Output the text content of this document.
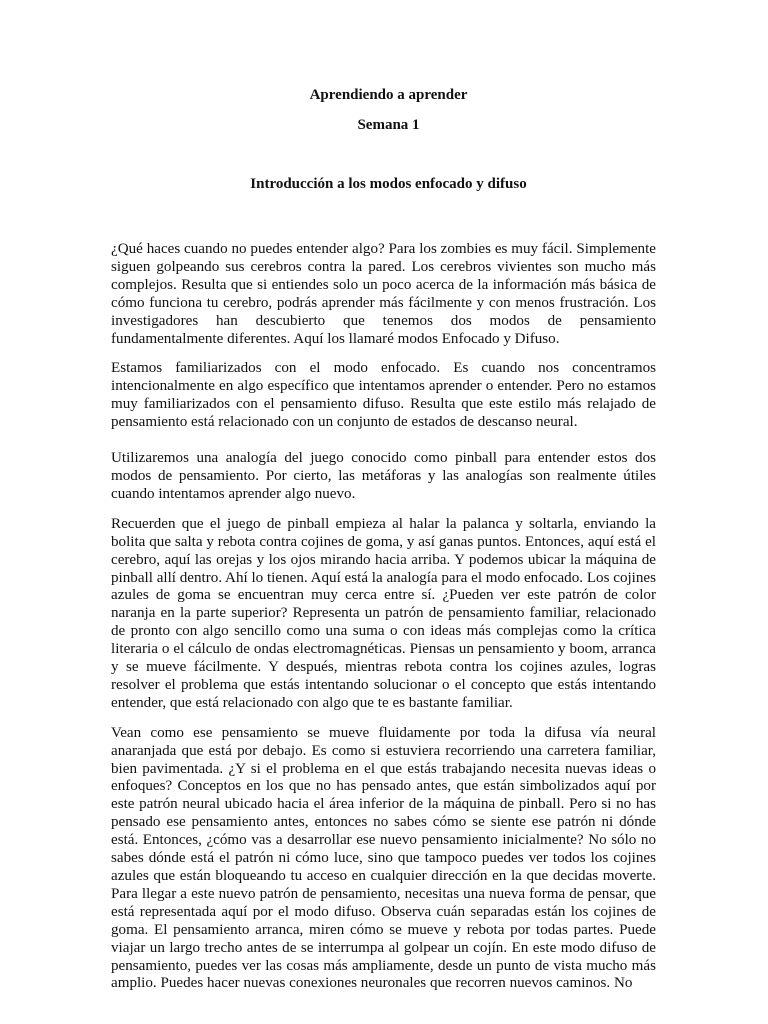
Aprendiendo a aprender

Semana 1

Introducción a los modos enfocado y difuso

¿Qué haces cuando no puedes entender algo? Para los zombies es muy fácil. Simplemente siguen golpeando sus cerebros contra la pared. Los cerebros vivientes son mucho más complejos. Resulta que si entiendes solo un poco acerca de la información más básica de cómo funciona tu cerebro, podrás aprender más fácilmente y con menos frustración. Los investigadores han descubierto que tenemos dos modos de pensamiento fundamentalmente diferentes. Aquí los llamaré modos Enfocado y Difuso.

Estamos familiarizados con el modo enfocado. Es cuando nos concentramos intencionalmente en algo específico que intentamos aprender o entender. Pero no estamos muy familiarizados con el pensamiento difuso. Resulta que este estilo más relajado de pensamiento está relacionado con un conjunto de estados de descanso neural.

Utilizaremos una analogía del juego conocido como pinball para entender estos dos modos de pensamiento. Por cierto, las metáforas y las analogías son realmente útiles cuando intentamos aprender algo nuevo.

Recuerden que el juego de pinball empieza al halar la palanca y soltarla, enviando la bolita que salta y rebota contra cojines de goma, y así ganas puntos. Entonces, aquí está el cerebro, aquí las orejas y los ojos mirando hacia arriba. Y podemos ubicar la máquina de pinball allí dentro. Ahí lo tienen. Aquí está la analogía para el modo enfocado. Los cojines azules de goma se encuentran muy cerca entre sí. ¿Pueden ver este patrón de color naranja en la parte superior? Representa un patrón de pensamiento familiar, relacionado de pronto con algo sencillo como una suma o con ideas más complejas como la crítica literaria o el cálculo de ondas electromagnéticas. Piensas un pensamiento y boom, arranca y se mueve fácilmente. Y después, mientras rebota contra los cojines azules, logras resolver el problema que estás intentando solucionar o el concepto que estás intentando entender, que está relacionado con algo que te es bastante familiar.

Vean como ese pensamiento se mueve fluidamente por toda la difusa vía neural anaranjada que está por debajo. Es como si estuviera recorriendo una carretera familiar, bien pavimentada. ¿Y si el problema en el que estás trabajando necesita nuevas ideas o enfoques? Conceptos en los que no has pensado antes, que están simbolizados aquí por este patrón neural ubicado hacia el área inferior de la máquina de pinball. Pero si no has pensado ese pensamiento antes, entonces no sabes cómo se siente ese patrón ni dónde está. Entonces, ¿cómo vas a desarrollar ese nuevo pensamiento inicialmente? No sólo no sabes dónde está el patrón ni cómo luce, sino que tampoco puedes ver todos los cojines azules que están bloqueando tu acceso en cualquier dirección en la que decidas moverte. Para llegar a este nuevo patrón de pensamiento, necesitas una nueva forma de pensar, que está representada aquí por el modo difuso. Observa cuán separadas están los cojines de goma. El pensamiento arranca, miren cómo se mueve y rebota por todas partes. Puede viajar un largo trecho antes de se interrumpa al golpear un cojín. En este modo difuso de pensamiento, puedes ver las cosas más ampliamente, desde un punto de vista mucho más amplio. Puedes hacer nuevas conexiones neuronales que recorren nuevos caminos. No
